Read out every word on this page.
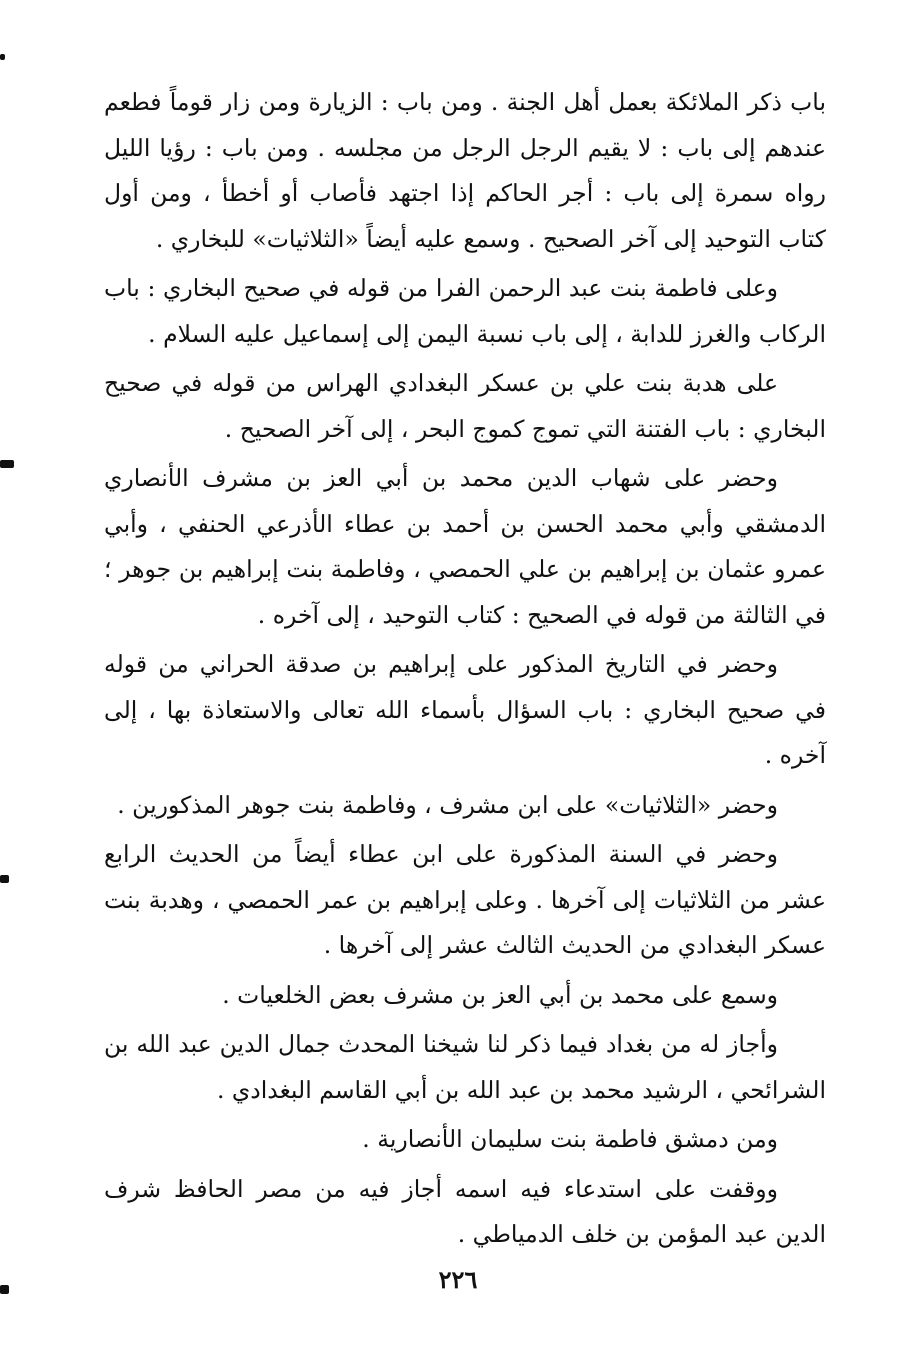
باب ذكر الملائكة بعمل أهل الجنة . ومن باب : الزيارة ومن زار قوماً فطعم عندهم إلى باب : لا يقيم الرجل الرجل من مجلسه . ومن باب : رؤيا الليل رواه سمرة إلى باب : أجر الحاكم إذا اجتهد فأصاب أو أخطأ ، ومن أول كتاب التوحيد إلى آخر الصحيح . وسمع عليه أيضاً «الثلاثيات» للبخاري .

وعلى فاطمة بنت عبد الرحمن الفرا من قوله في صحيح البخاري : باب الركاب والغرز للدابة ، إلى باب نسبة اليمن إلى إسماعيل عليه السلام .

على هدبة بنت علي بن عسكر البغدادي الهراس من قوله في صحيح البخاري : باب الفتنة التي تموج كموج البحر ، إلى آخر الصحيح .

وحضر على شهاب الدين محمد بن أبي العز بن مشرف الأنصاري الدمشقي وأبي محمد الحسن بن أحمد بن عطاء الأذرعي الحنفي ، وأبي عمرو عثمان بن إبراهيم بن علي الحمصي ، وفاطمة بنت إبراهيم بن جوهر ؛ في الثالثة من قوله في الصحيح : كتاب التوحيد ، إلى آخره .

وحضر في التاريخ المذكور على إبراهيم بن صدقة الحراني من قوله في صحيح البخاري : باب السؤال بأسماء الله تعالى والاستعاذة بها ، إلى آخره .

وحضر «الثلاثيات» على ابن مشرف ، وفاطمة بنت جوهر المذكورين .

وحضر في السنة المذكورة على ابن عطاء أيضاً من الحديث الرابع عشر من الثلاثيات إلى آخرها . وعلى إبراهيم بن عمر الحمصي ، وهدبة بنت عسكر البغدادي من الحديث الثالث عشر إلى آخرها .

وسمع على محمد بن أبي العز بن مشرف بعض الخلعيات .

وأجاز له من بغداد فيما ذكر لنا شيخنا المحدث جمال الدين عبد الله بن الشرائحي ، الرشيد محمد بن عبد الله بن أبي القاسم البغدادي .

ومن دمشق فاطمة بنت سليمان الأنصارية .

ووقفت على استدعاء فيه اسمه أجاز فيه من مصر الحافظ شرف الدين عبد المؤمن بن خلف الدمياطي .

٢٢٦
